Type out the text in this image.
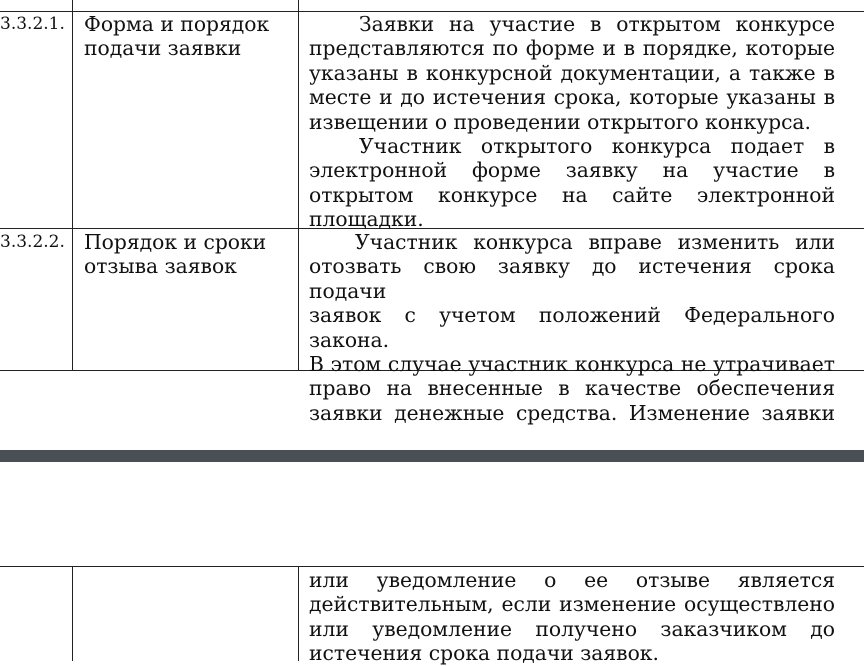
3.3.2.1. Форма и порядок
подачи заявки
Заявки на участие в открытом конкурсе
представляются по форме и в порядке, которые
указаны в конкурсной документации, а также в
месте и до истечения срока, которые указаны в
извещении о проведении открытого конкурса.
Участник открытого конкурса подает в
электронной форме заявку на участие в
открытом конкурсе на сайте электронной
площадки.
3.3.2.2. Порядок и сроки
отзыва заявок
Участник конкурса вправе изменить или
отозвать свою заявку до истечения срока подачи
заявок с учетом положений Федерального закона.
В этом случае участник конкурса не утрачивает
право на внесенные в качестве обеспечения
заявки денежные средства. Изменение заявки
или уведомление о ее отзыве является
действительным, если изменение осуществлено
или уведомление получено заказчиком до
истечения срока подачи заявок.
